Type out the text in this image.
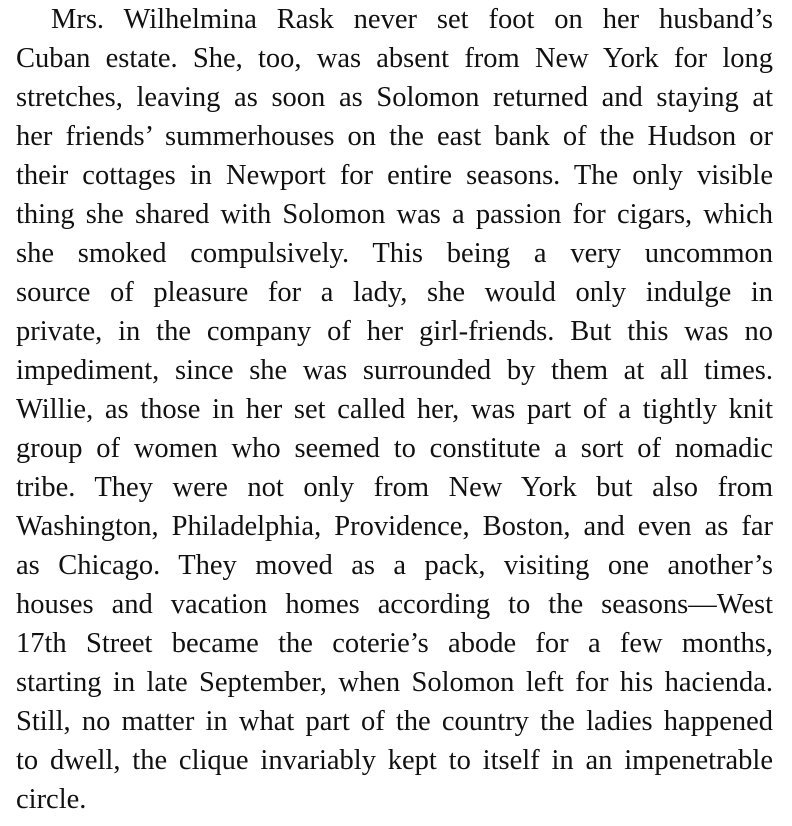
Mrs. Wilhelmina Rask never set foot on her husband’s
Cuban estate. She, too, was absent from New York for long
stretches, leaving as soon as Solomon returned and staying at
her friends’ summerhouses on the east bank of the Hudson or
their cottages in Newport for entire seasons. The only visible
thing she shared with Solomon was a passion for cigars, which
she smoked compulsively. This being a very uncommon
source of pleasure for a lady, she would only indulge in
private, in the company of her girl-friends. But this was no
impediment, since she was surrounded by them at all times.
Willie, as those in her set called her, was part of a tightly knit
group of women who seemed to constitute a sort of nomadic
tribe. They were not only from New York but also from
Washington, Philadelphia, Providence, Boston, and even as far
as Chicago. They moved as a pack, visiting one another’s
houses and vacation homes according to the seasons—West
17th Street became the coterie’s abode for a few months,
starting in late September, when Solomon left for his hacienda.
Still, no matter in what part of the country the ladies happened
to dwell, the clique invariably kept to itself in an impenetrable
circle.
